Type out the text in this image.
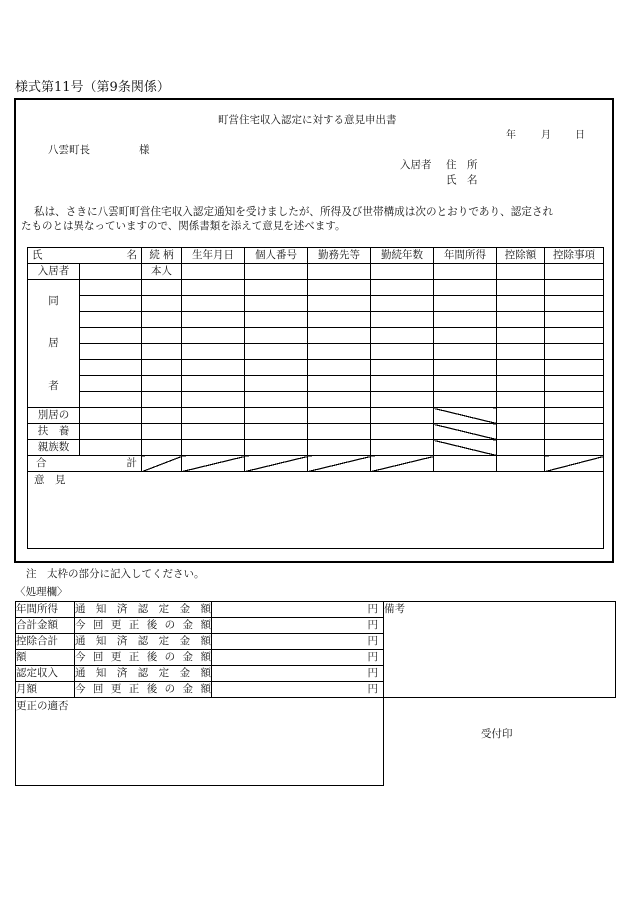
様式第11号（第9条関係）
町営住宅収入認定に対する意見申出書
年	月 日
八雲町長	様
入居者 住　所
氏　名
私は、さきに八雲町町営住宅収入認定通知を受けましたが、所得及び世帯構成は次のとおりであり、認定され
たものとは異なっていますので、関係書類を添えて意見を述べます。
氏 名		続 柄	生年月日	個人番号	勤務先等	勤続年数	年間所得	控除額	控除事項
入居者		本人							

同
居
者									

別居の									
扶　養									
親族数									

合 計									

意　見									
注　太枠の部分に記入してください。
〈処理欄〉
年間所得	通 知 済 認 定 金 額	円	備考

合計金額	今 回 更 正 後 の 金 額	円	
控除合計	通 知 済 認 定 金 額	円	
額	今 回 更 正 後 の 金 額	円	
認定収入	通 知 済 認 定 金 額	円	
月額	今 回 更 正 後 の 金 額	円	

更正の適否			受付印
